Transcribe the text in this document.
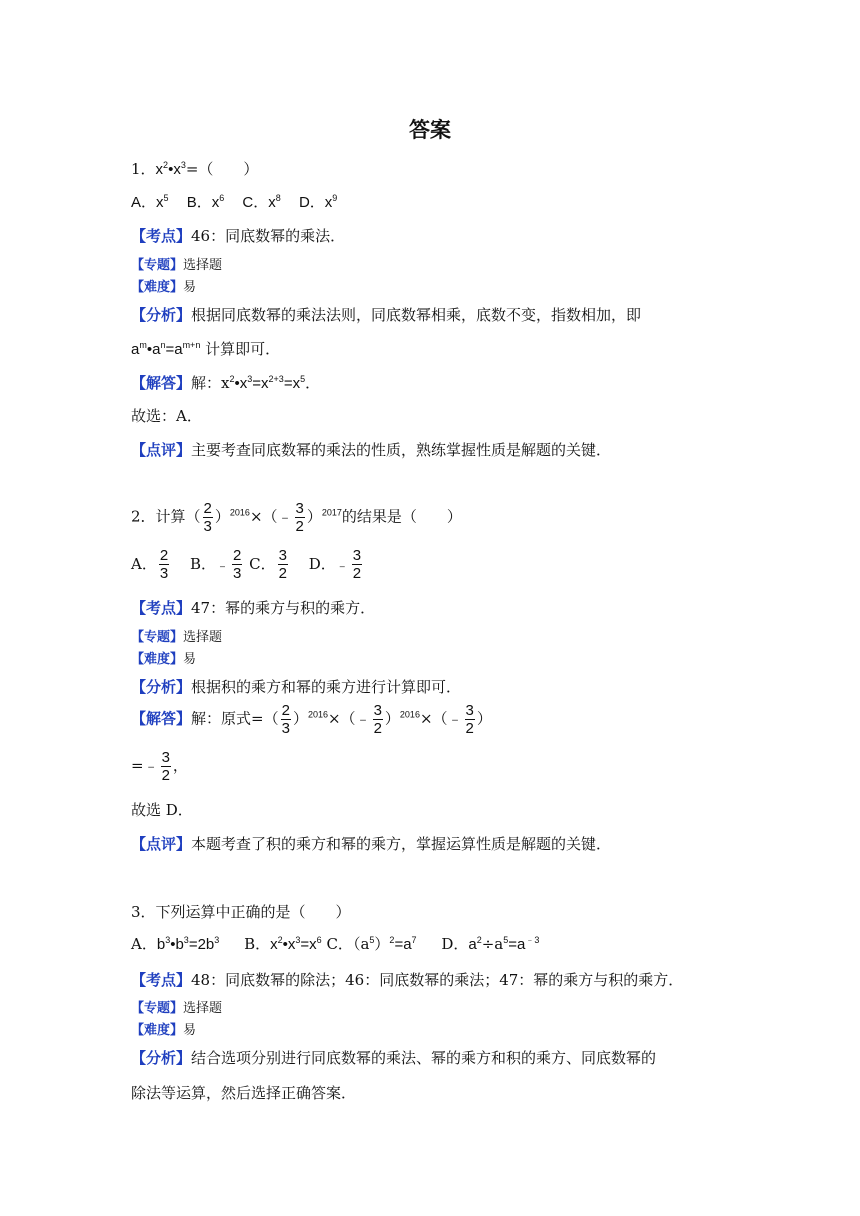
答案
1．$x^2•x^3=$（　　）
A．$x^5$ B．$x^6$ C．$x^8$ D．$x^9$
【考点】46：同底数幂的乘法．
【专题】选择题
【难度】易
【分析】根据同底数幂的乘法法则，同底数幂相乘，底数不变，指数相加，即
$a^m•a^n=a^{m+n}$ 计算即可．
【解答】解：$x^2•x^3=x^{2+3}=x^5$．
故选：A．
【点评】主要考查同底数幂的乘法的性质，熟练掌握性质是解题的关键．
2．计算（ $\frac{2}{3}$ ）$^{2016}$×（﹣ $\frac{3}{2} )^{2017}$的结果是（　　）
A． $\frac{2}{3}$ B．﹣ $\frac{2}{3}$ C． $\frac{3}{2}$ D．﹣ $\frac{3}{2}$
【考点】47：幂的乘方与积的乘方．
【专题】选择题
【难度】易
【分析】根据积的乘方和幂的乘方进行计算即可．
【解答】解：原式=（ $\frac{2}{3}$ ）$^{2016}$×（﹣ $\frac{3}{2}$ ）$^{2016}$×（﹣ $\frac{3}{2}$ ）
=﹣ $\frac{3}{2}$ ，
故选 D．
【点评】本题考查了积的乘方和幂的乘方，掌握运算性质是解题的关键．
3．下列运算中正确的是（　　）
A．$b^3•b^3=2b^3$ B．$x^2•x^3=x^6$ C．$(a^5)^2=a^7$ D．$a^2\div a^5=a^{﹣3}$
【考点】48：同底数幂的除法；46：同底数幂的乘法；47：幂的乘方与积的乘方．
【专题】选择题
【难度】易
【分析】结合选项分别进行同底数幂的乘法、幂的乘方和积的乘方、同底数幂的
除法等运算，然后选择正确答案．
